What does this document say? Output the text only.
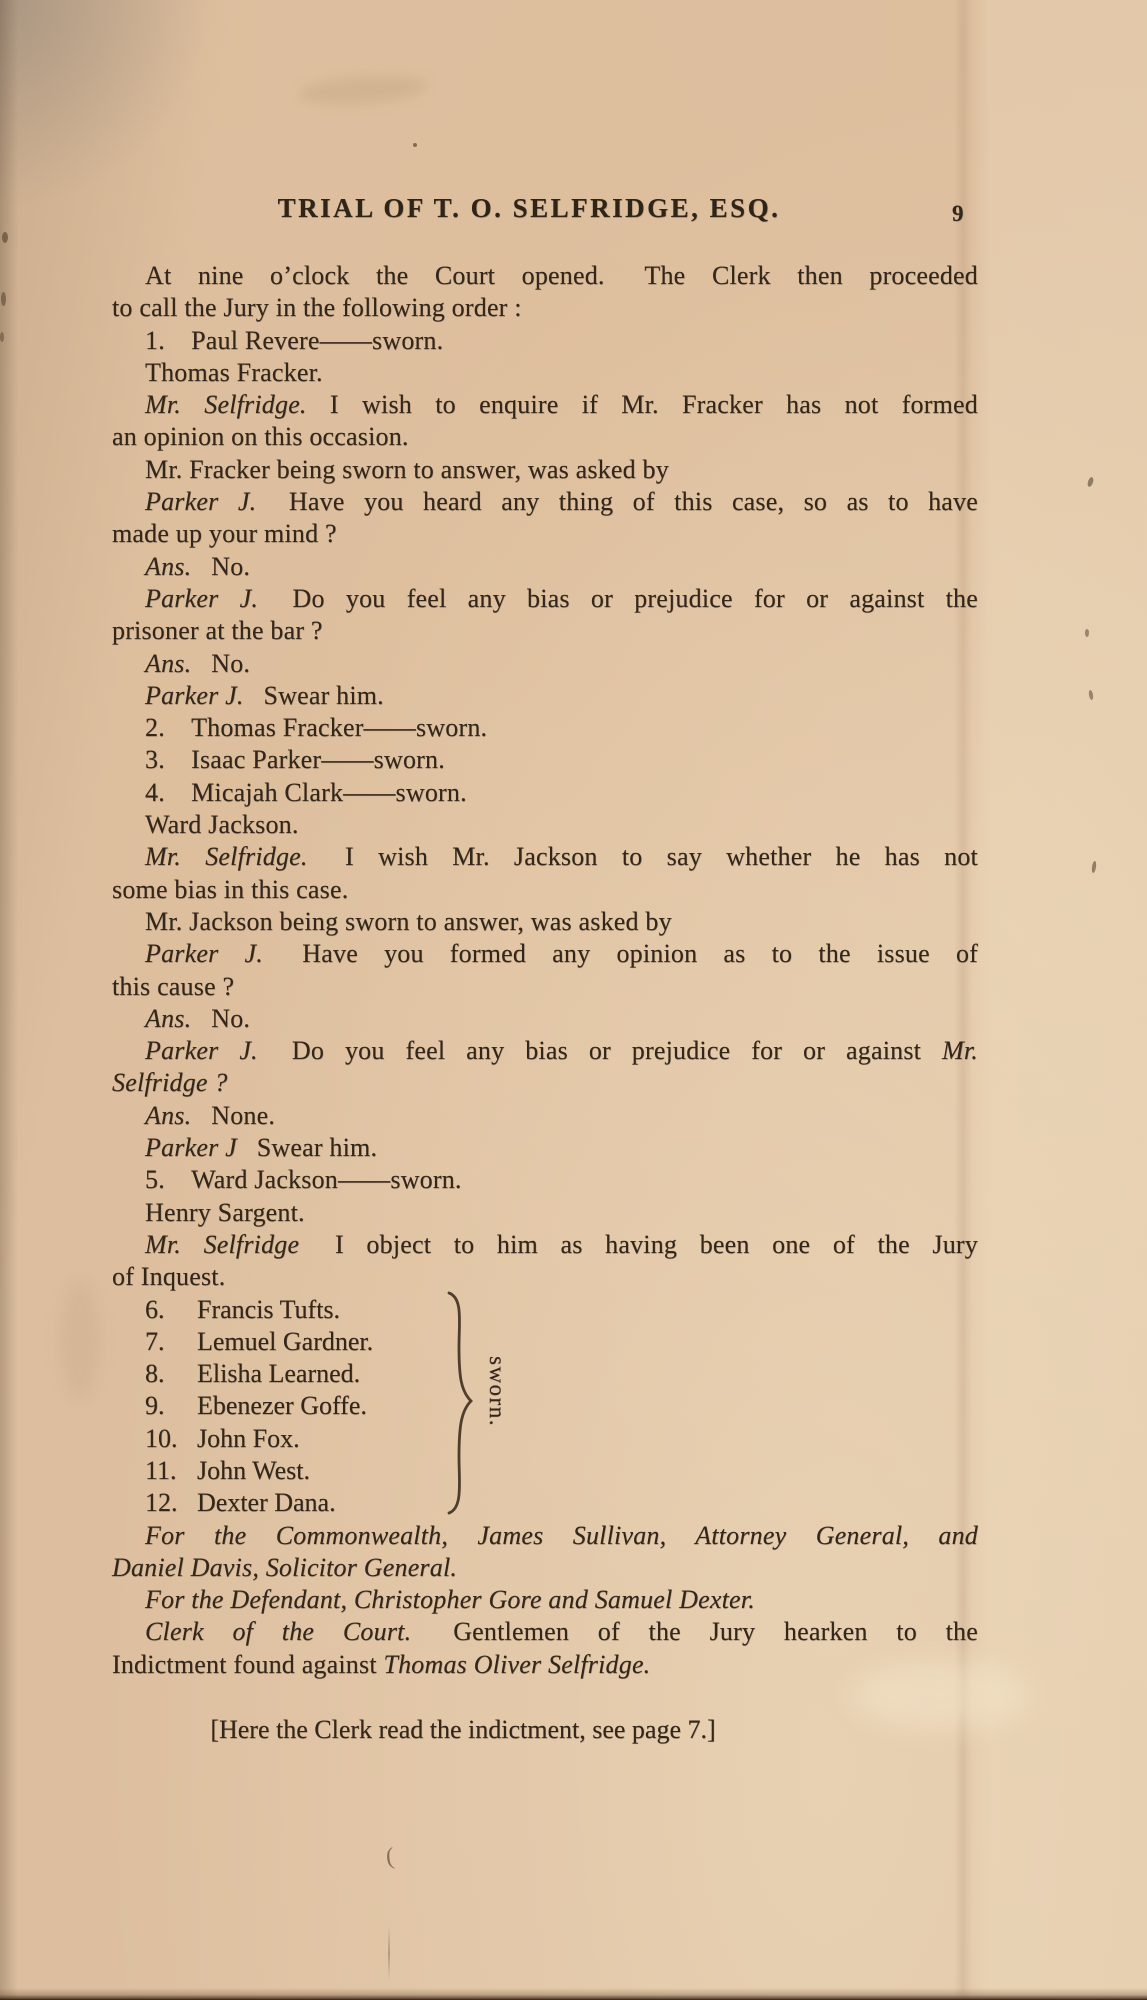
TRIAL OF T. O. SELFRIDGE, ESQ.	9
At nine o’clock the Court opened.  The Clerk then proceeded
to call the Jury in the following order :
1. Paul Revere——sworn.
Thomas Fracker.
Mr. Selfridge. I wish to enquire if Mr. Fracker has not formed
an opinion on this occasion.
Mr. Fracker being sworn to answer, was asked by
Parker J.  Have you heard any thing of this case, so as to have
made up your mind ?
Ans.  No.
Parker J.  Do you feel any bias or prejudice for or against the
prisoner at the bar ?
Ans.  No.
Parker J.  Swear him.
2. Thomas Fracker——sworn.
3. Isaac Parker——sworn.
4. Micajah Clark——sworn.
Ward Jackson.
Mr. Selfridge.  I wish Mr. Jackson to say whether he has not
some bias in this case.
Mr. Jackson being sworn to answer, was asked by
Parker J.  Have you formed any opinion as to the issue of
this cause ?
Ans.  No.
Parker J.  Do you feel any bias or prejudice for or against Mr.
Selfridge ?
Ans.  None.
Parker J  Swear him.
5. Ward Jackson——sworn.
Henry Sargent.
Mr. Selfridge  I object to him as having been one of the Jury
of Inquest.
6. Francis Tufts.
7. Lemuel Gardner.
8. Elisha Learned.
9. Ebenezer Goffe.
10. John Fox.
11. John West.
12. Dexter Dana.
sworn.
For the Commonwealth, James Sullivan, Attorney General, and
Daniel Davis, Solicitor General.
For the Defendant, Christopher Gore and Samuel Dexter.
Clerk of the Court.  Gentlemen of the Jury hearken to the
Indictment found against Thomas Oliver Selfridge.
[Here the Clerk read the indictment, see page 7.]
(
